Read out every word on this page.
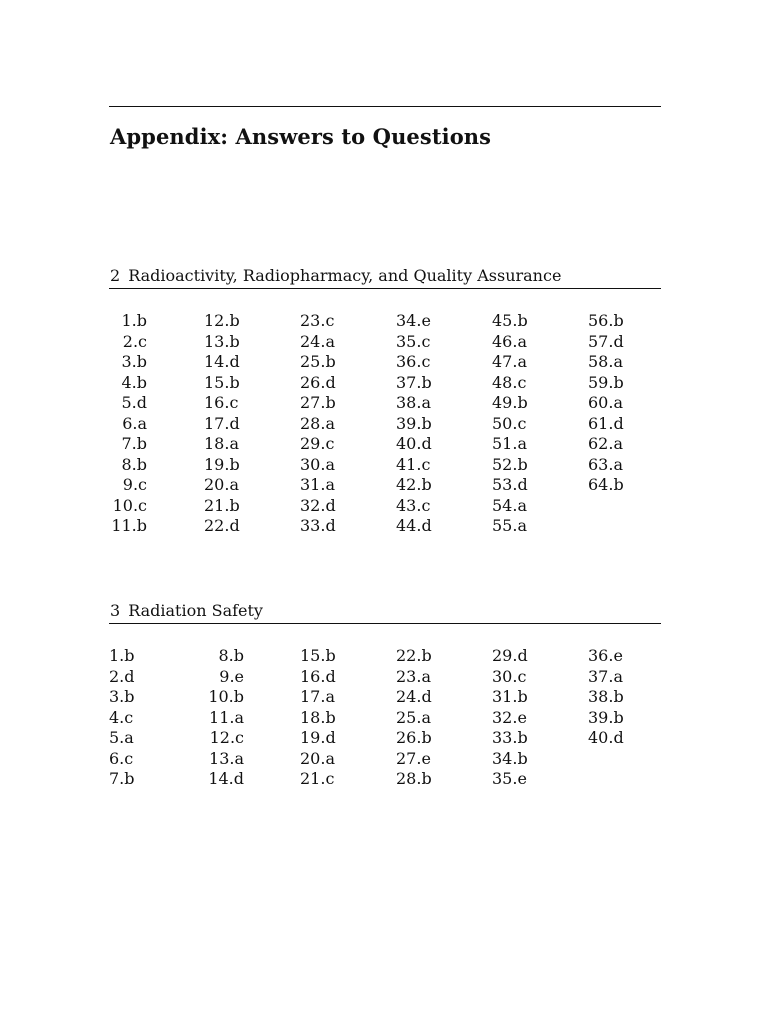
Appendix: Answers to Questions
2 Radioactivity, Radiopharmacy, and Quality Assurance
1.b
2.c
3.b
4.b
5.d
6.a
7.b
8.b
9.c
10.c
11.b
12.b
13.b
14.d
15.b
16.c
17.d
18.a
19.b
20.a
21.b
22.d
23.c
24.a
25.b
26.d
27.b
28.a
29.c
30.a
31.a
32.d
33.d
34.e
35.c
36.c
37.b
38.a
39.b
40.d
41.c
42.b
43.c
44.d
45.b
46.a
47.a
48.c
49.b
50.c
51.a
52.b
53.d
54.a
55.a
56.b
57.d
58.a
59.b
60.a
61.d
62.a
63.a
64.b
3 Radiation Safety
1.b
2.d
3.b
4.c
5.a
6.c
7.b
8.b
9.e
10.b
11.a
12.c
13.a
14.d
15.b
16.d
17.a
18.b
19.d
20.a
21.c
22.b
23.a
24.d
25.a
26.b
27.e
28.b
29.d
30.c
31.b
32.e
33.b
34.b
35.e
36.e
37.a
38.b
39.b
40.d
